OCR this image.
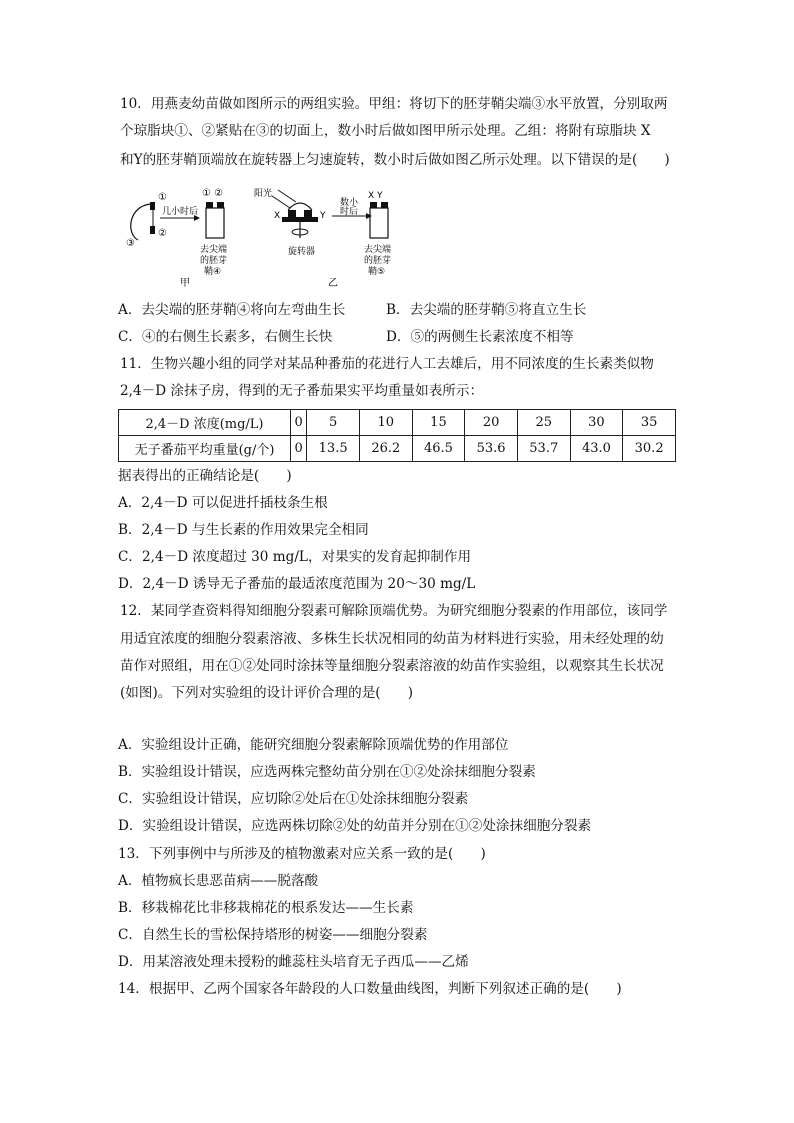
10．用燕麦幼苗做如图所示的两组实验。甲组：将切下的胚芽鞘尖端③水平放置，分别取两
个琼脂块①、②紧贴在③的切面上，数小时后做如图甲所示处理。乙组：将附有琼脂块 X
和Y的胚芽鞘顶端放在旋转器上匀速旋转，数小时后做如图乙所示处理。以下错误的是(　　)
①
②
③
几小时后
① ②
去尖端
的胚芽
鞘④
甲
阳光
X	Y
旋转器
数小
时后
X Y
去尖端
的胚芽
鞘⑤
乙
A．去尖端的胚芽鞘④将向左弯曲生长	B．去尖端的胚芽鞘⑤将直立生长
C．④的右侧生长素多，右侧生长快	D．⑤的两侧生长素浓度不相等
11．生物兴趣小组的同学对某品种番茄的花进行人工去雄后，用不同浓度的生长素类似物
2,4－D 涂抹子房，得到的无子番茄果实平均重量如表所示：
2,4－D 浓度(mg/L)	0	5	10	15	20	25	30	35
无子番茄平均重量(g/个)	0	13.5	26.2	46.5	53.6	53.7	43.0	30.2
据表得出的正确结论是(　　)
A．2,4－D 可以促进扦插枝条生根
B．2,4－D 与生长素的作用效果完全相同
C．2,4－D 浓度超过 30 mg/L，对果实的发育起抑制作用
D．2,4－D 诱导无子番茄的最适浓度范围为 20～30 mg/L
12．某同学查资料得知细胞分裂素可解除顶端优势。为研究细胞分裂素的作用部位，该同学
用适宜浓度的细胞分裂素溶液、多株生长状况相同的幼苗为材料进行实验，用未经处理的幼
苗作对照组，用在①②处同时涂抹等量细胞分裂素溶液的幼苗作实验组，以观察其生长状况
(如图)。下列对实验组的设计评价合理的是(　　)
A．实验组设计正确，能研究细胞分裂素解除顶端优势的作用部位
B．实验组设计错误，应选两株完整幼苗分别在①②处涂抹细胞分裂素
C．实验组设计错误，应切除②处后在①处涂抹细胞分裂素
D．实验组设计错误，应选两株切除②处的幼苗并分别在①②处涂抹细胞分裂素
13．下列事例中与所涉及的植物激素对应关系一致的是(　　)
A．植物疯长患恶苗病——脱落酸
B．移栽棉花比非移栽棉花的根系发达——生长素
C．自然生长的雪松保持塔形的树姿——细胞分裂素
D．用某溶液处理未授粉的雌蕊柱头培育无子西瓜——乙烯
14．根据甲、乙两个国家各年龄段的人口数量曲线图，判断下列叙述正确的是(　　)
